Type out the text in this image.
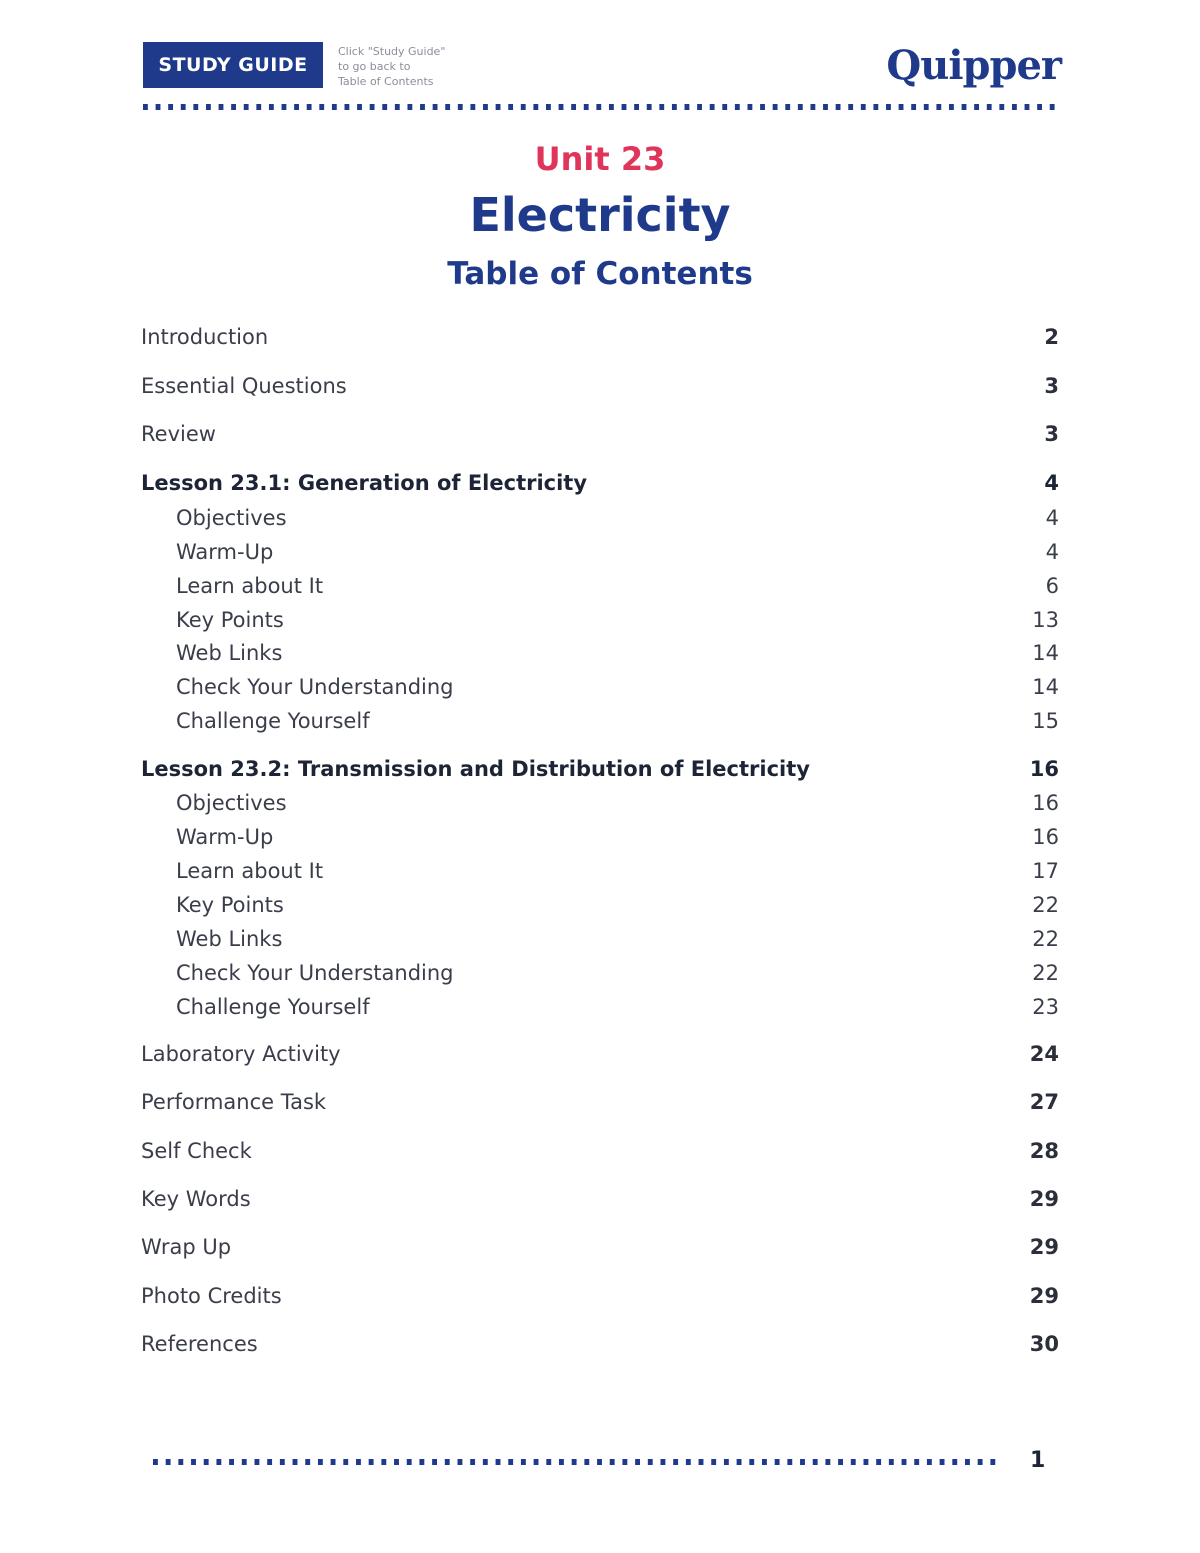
STUDY GUIDE
Click "Study Guide"
to go back to
Table of Contents	Quipper
Unit 23
Electricity
Table of Contents
Introduction	2
Essential Questions	3
Review	3
Lesson 23.1: Generation of Electricity	4
Objectives	4
Warm-Up	4
Learn about It	6
Key Points	13
Web Links	14
Check Your Understanding	14
Challenge Yourself	15
Lesson 23.2: Transmission and Distribution of Electricity	16
Objectives	16
Warm-Up	16
Learn about It	17
Key Points	22
Web Links	22
Check Your Understanding	22
Challenge Yourself	23
Laboratory Activity	24
Performance Task	27
Self Check	28
Key Words	29
Wrap Up	29
Photo Credits	29
References	30
1
